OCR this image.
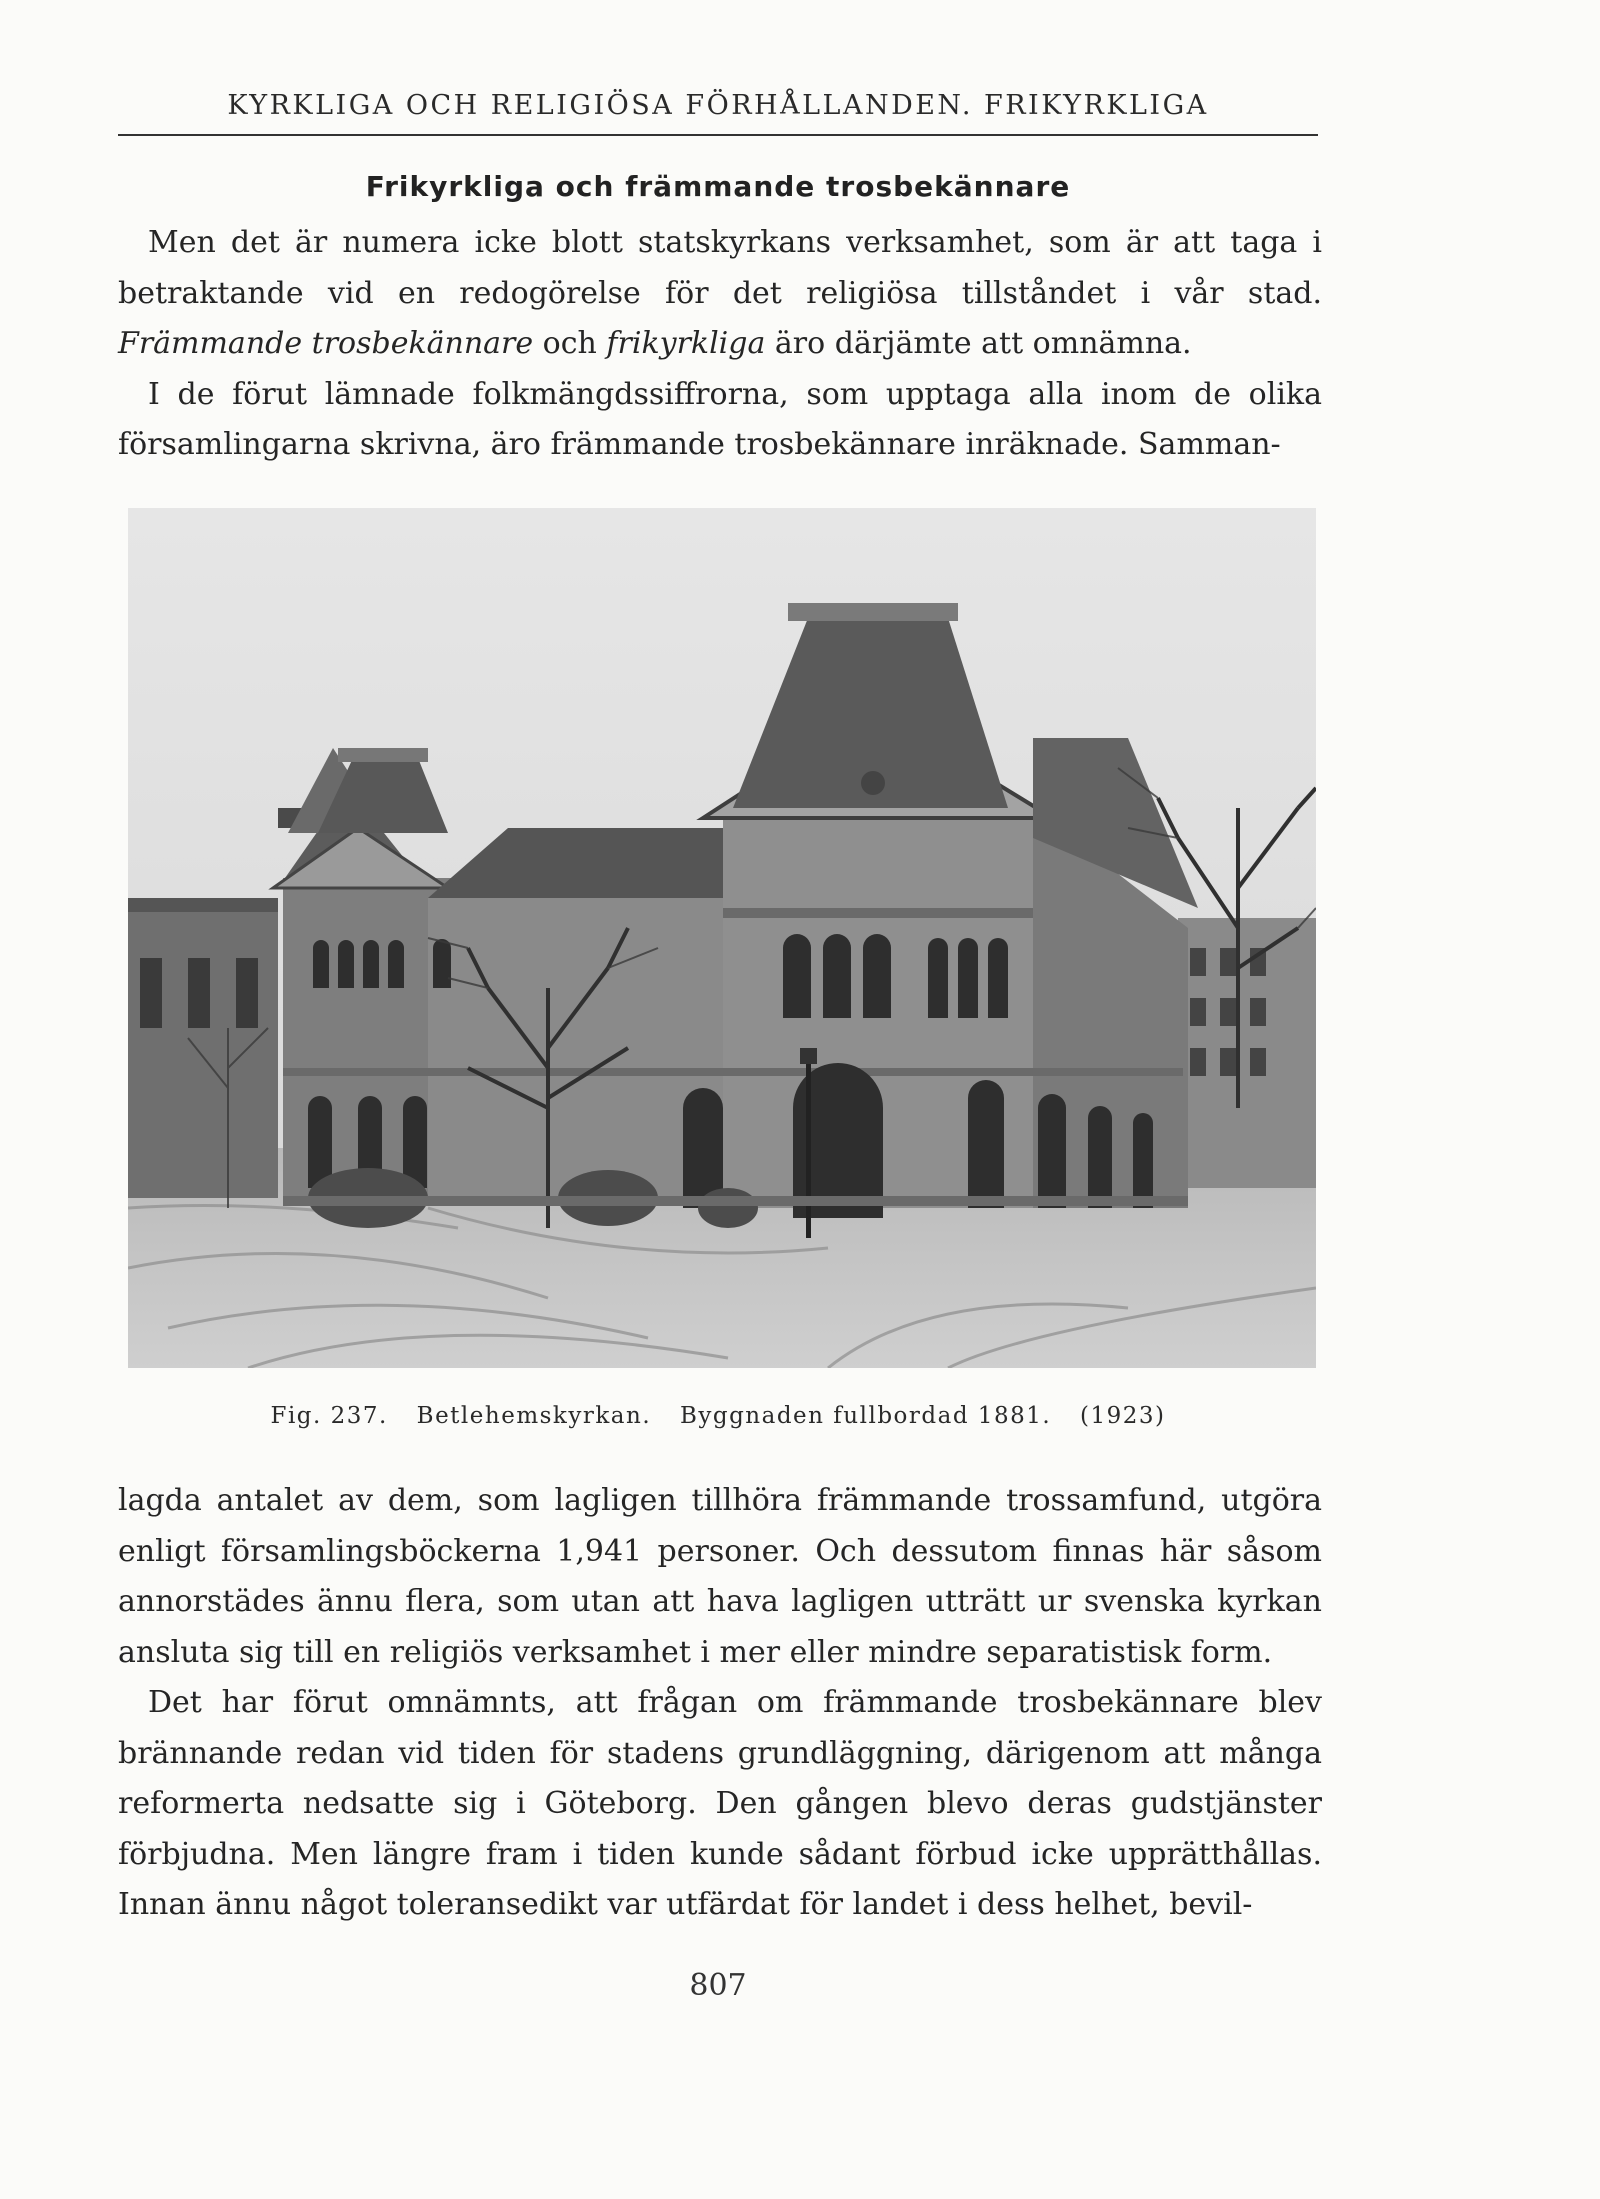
KYRKLIGA OCH RELIGIÖSA FÖRHÅLLANDEN. FRIKYRKLIGA
Frikyrkliga och främmande trosbekännare

Men det är numera icke blott statskyrkans verksamhet, som är att taga i betraktande vid en redogörelse för det religiösa tillståndet i vår stad. Främmande trosbekännare och frikyrkliga äro därjämte att omnämna.

I de förut lämnade folkmängdssiffrorna, som upptaga alla inom de olika församlingarna skrivna, äro främmande trosbekännare inräknade. Samman-

Fig. 237. Betlehemskyrkan. Byggnaden fullbordad 1881. (1923)

lagda antalet av dem, som lagligen tillhöra främmande trossamfund, utgöra enligt församlingsböckerna 1,941 personer. Och dessutom finnas här såsom annorstädes ännu flera, som utan att hava lagligen utträtt ur svenska kyrkan ansluta sig till en religiös verksamhet i mer eller mindre separatistisk form.

Det har förut omnämnts, att frågan om främmande trosbekännare blev brännande redan vid tiden för stadens grundläggning, därigenom att många reformerta nedsatte sig i Göteborg. Den gången blevo deras gudstjänster förbjudna. Men längre fram i tiden kunde sådant förbud icke upprätthållas. Innan ännu något toleransedikt var utfärdat för landet i dess helhet, bevil-

807
